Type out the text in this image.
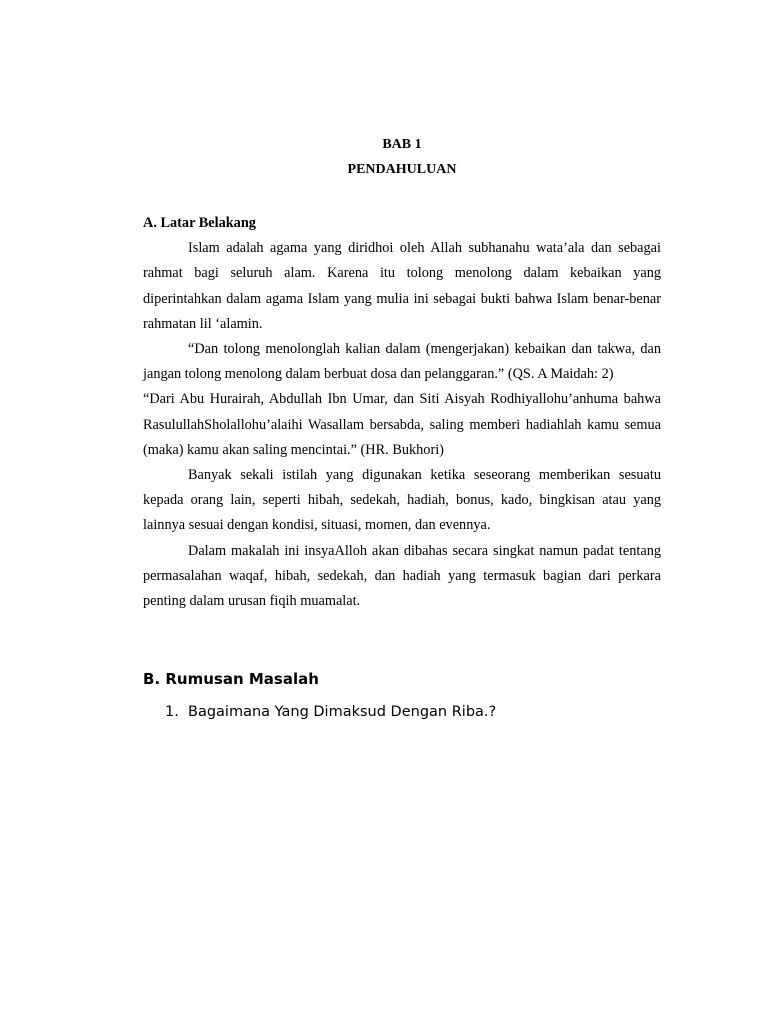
BAB 1
PENDAHULUAN

A. Latar Belakang

Islam adalah agama yang diridhoi oleh Allah subhanahu wata’ala dan sebagai rahmat bagi seluruh alam. Karena itu tolong menolong dalam kebaikan yang diperintahkan dalam agama Islam yang mulia ini sebagai bukti bahwa Islam benar-benar rahmatan lil ‘alamin.

“Dan tolong menolonglah kalian dalam (mengerjakan) kebaikan dan takwa, dan jangan tolong menolong dalam berbuat dosa dan pelanggaran.” (QS. A Maidah: 2)

“Dari Abu Hurairah, Abdullah Ibn Umar, dan Siti Aisyah Rodhiyallohu’anhuma bahwa RasulullahSholallohu’alaihi Wasallam bersabda, saling memberi hadiahlah kamu semua (maka) kamu akan saling mencintai.” (HR. Bukhori)

Banyak sekali istilah yang digunakan ketika seseorang memberikan sesuatu kepada orang lain, seperti hibah, sedekah, hadiah, bonus, kado, bingkisan atau yang lainnya sesuai dengan kondisi, situasi, momen, dan evennya.

Dalam makalah ini insyaAlloh akan dibahas secara singkat namun padat tentang permasalahan waqaf, hibah, sedekah, dan hadiah yang termasuk bagian dari perkara penting dalam urusan fiqih muamalat.

B. Rumusan Masalah
1. Bagaimana Yang Dimaksud Dengan Riba.?
